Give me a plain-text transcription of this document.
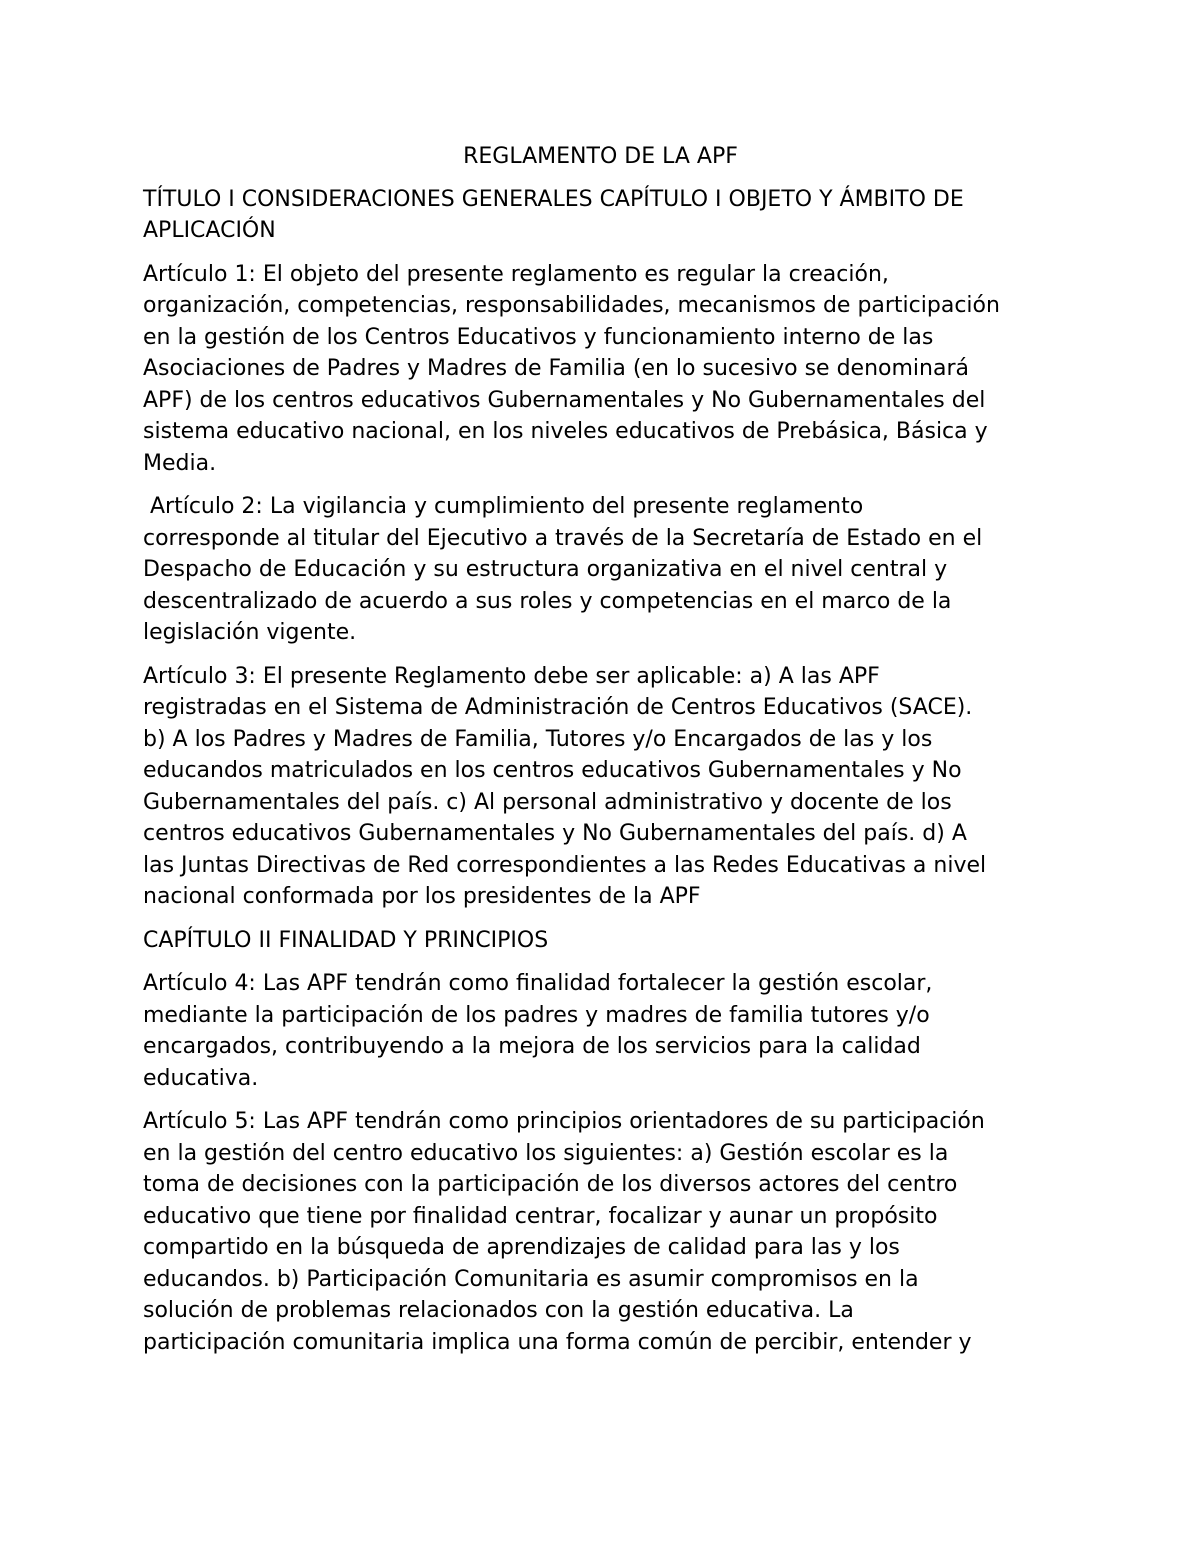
REGLAMENTO DE LA APF

TÍTULO I CONSIDERACIONES GENERALES CAPÍTULO I OBJETO Y ÁMBITO DE
APLICACIÓN

Artículo 1: El objeto del presente reglamento es regular la creación,
organización, competencias, responsabilidades, mecanismos de participación
en la gestión de los Centros Educativos y funcionamiento interno de las
Asociaciones de Padres y Madres de Familia (en lo sucesivo se denominará
APF) de los centros educativos Gubernamentales y No Gubernamentales del
sistema educativo nacional, en los niveles educativos de Prebásica, Básica y
Media.

Artículo 2: La vigilancia y cumplimiento del presente reglamento
corresponde al titular del Ejecutivo a través de la Secretaría de Estado en el
Despacho de Educación y su estructura organizativa en el nivel central y
descentralizado de acuerdo a sus roles y competencias en el marco de la
legislación vigente.

Artículo 3: El presente Reglamento debe ser aplicable: a) A las APF
registradas en el Sistema de Administración de Centros Educativos (SACE).
b) A los Padres y Madres de Familia, Tutores y/o Encargados de las y los
educandos matriculados en los centros educativos Gubernamentales y No
Gubernamentales del país. c) Al personal administrativo y docente de los
centros educativos Gubernamentales y No Gubernamentales del país. d) A
las Juntas Directivas de Red correspondientes a las Redes Educativas a nivel
nacional conformada por los presidentes de la APF

CAPÍTULO II FINALIDAD Y PRINCIPIOS

Artículo 4: Las APF tendrán como finalidad fortalecer la gestión escolar,
mediante la participación de los padres y madres de familia tutores y/o
encargados, contribuyendo a la mejora de los servicios para la calidad
educativa.

Artículo 5: Las APF tendrán como principios orientadores de su participación
en la gestión del centro educativo los siguientes: a) Gestión escolar es la
toma de decisiones con la participación de los diversos actores del centro
educativo que tiene por finalidad centrar, focalizar y aunar un propósito
compartido en la búsqueda de aprendizajes de calidad para las y los
educandos. b) Participación Comunitaria es asumir compromisos en la
solución de problemas relacionados con la gestión educativa. La
participación comunitaria implica una forma común de percibir, entender y
